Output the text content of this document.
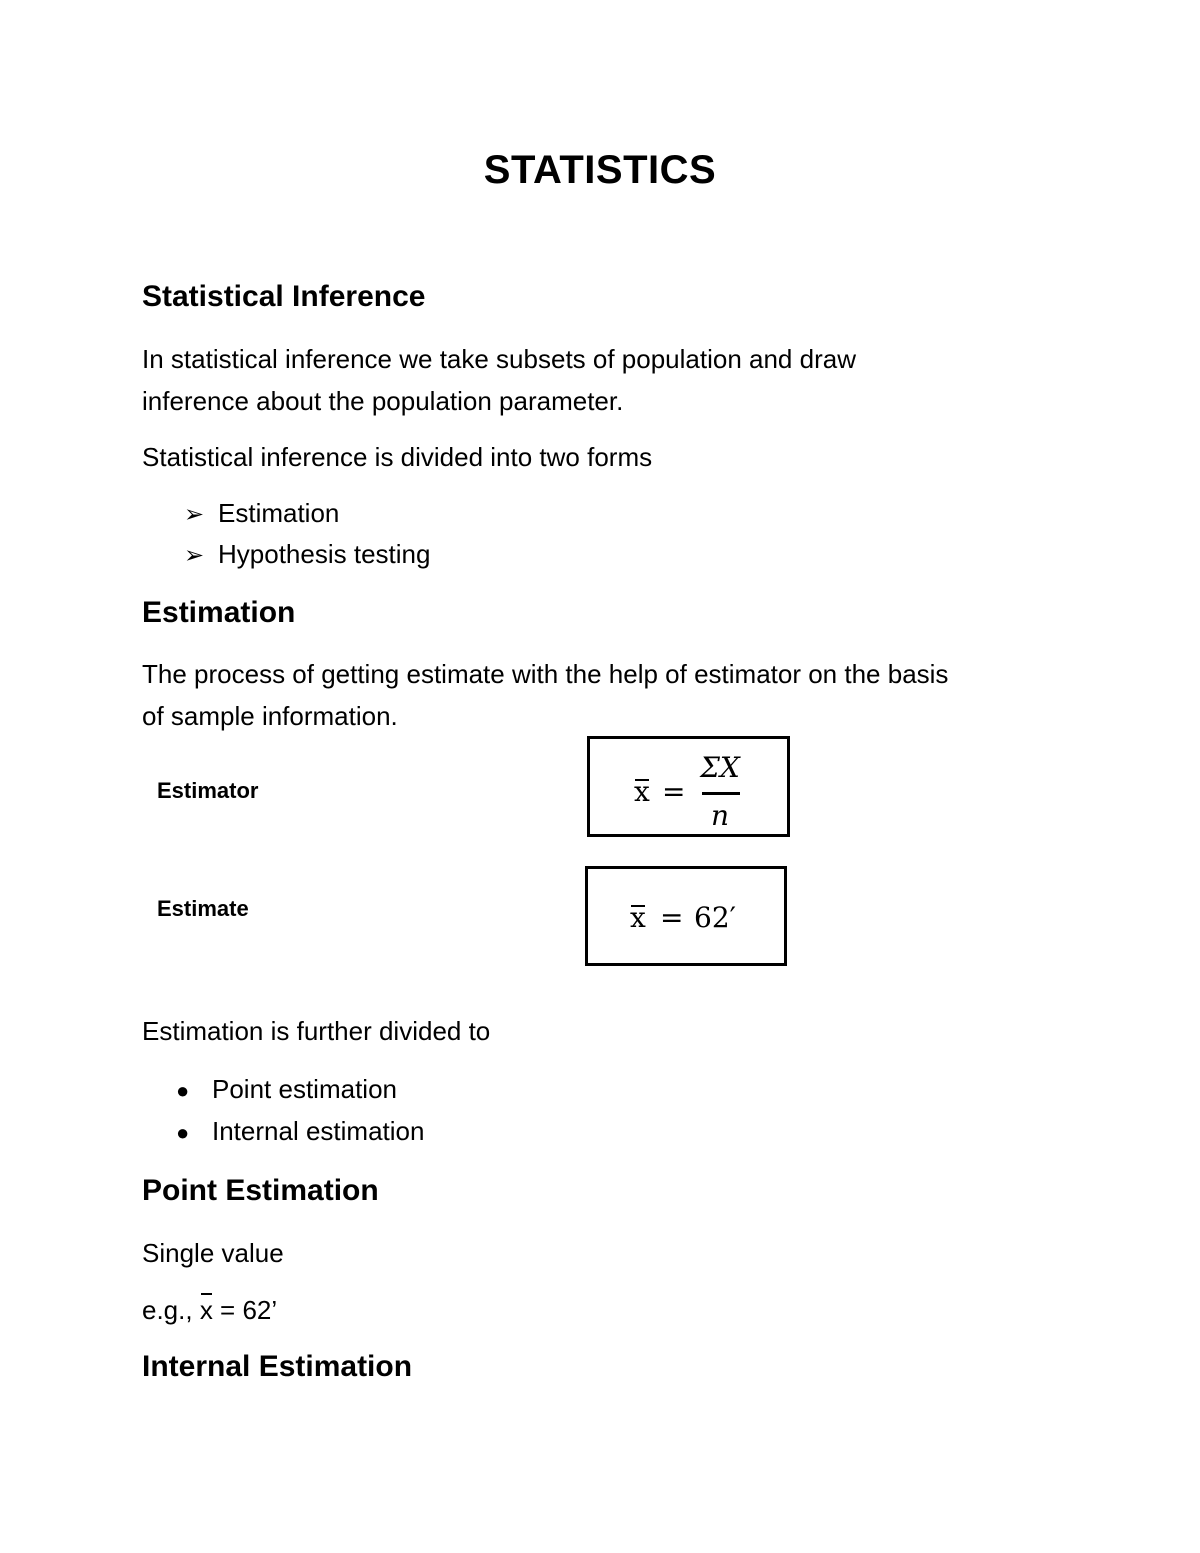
STATISTICS
Statistical Inference
In statistical inference we take subsets of population and draw
inference about the population parameter.
Statistical inference is divided into two forms
➢ Estimation
➢ Hypothesis testing
Estimation
The process of getting estimate with the help of estimator on the basis
of sample information.
Estimator	x =
ΣX
n
Estimate	x = 62′
Estimation is further divided to
● Point estimation
● Internal estimation
Point Estimation
Single value
e.g., x = 62’
Internal Estimation
